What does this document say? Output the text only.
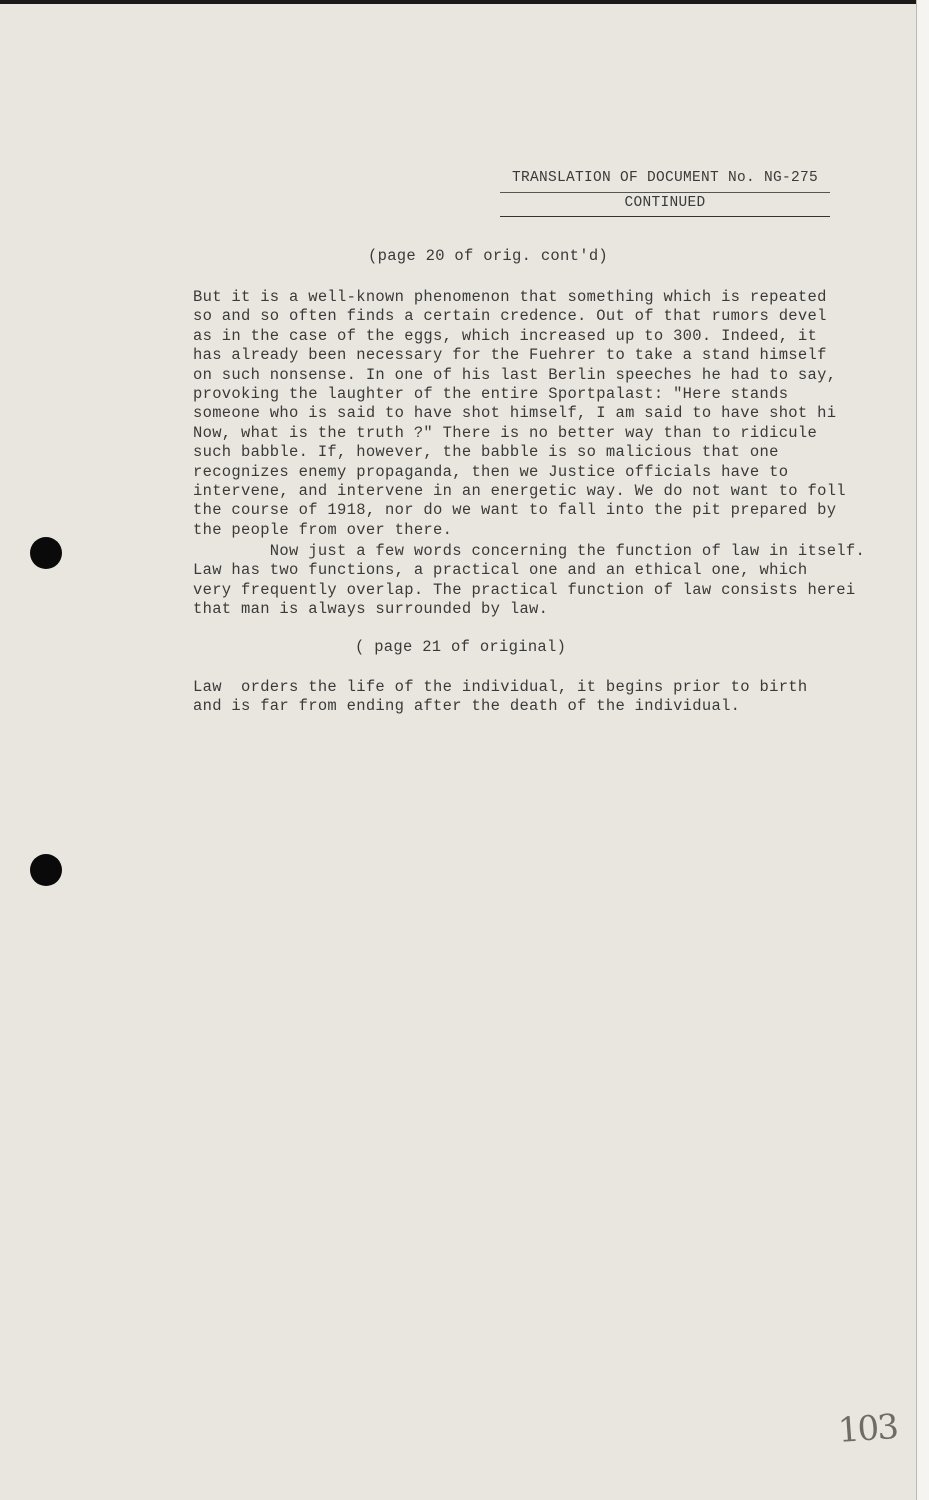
TRANSLATION OF DOCUMENT No. NG-275
CONTINUED
(page 20 of orig. cont'd)

But it is a well-known phenomenon that something which is repeated
so and so often finds a certain credence. Out of that rumors devel
as in the case of the eggs, which increased up to 300. Indeed, it
has already been necessary for the Fuehrer to take a stand himself
on such nonsense. In one of his last Berlin speeches he had to say,
provoking the laughter of the entire Sportpalast: "Here stands
someone who is said to have shot himself, I am said to have shot hi
Now, what is the truth ?" There is no better way than to ridicule
such babble. If, however, the babble is so malicious that one
recognizes enemy propaganda, then we Justice officials have to
intervene, and intervene in an energetic way. We do not want to foll
the course of 1918, nor do we want to fall into the pit prepared by
the people from over there.

Now just a few words concerning the function of law in itself.
Law has two functions, a practical one and an ethical one, which
very frequently overlap. The practical function of law consists herei
that man is always surrounded by law.

( page 21 of original)

Law  orders the life of the individual, it begins prior to birth
and is far from ending after the death of the individual.

103
